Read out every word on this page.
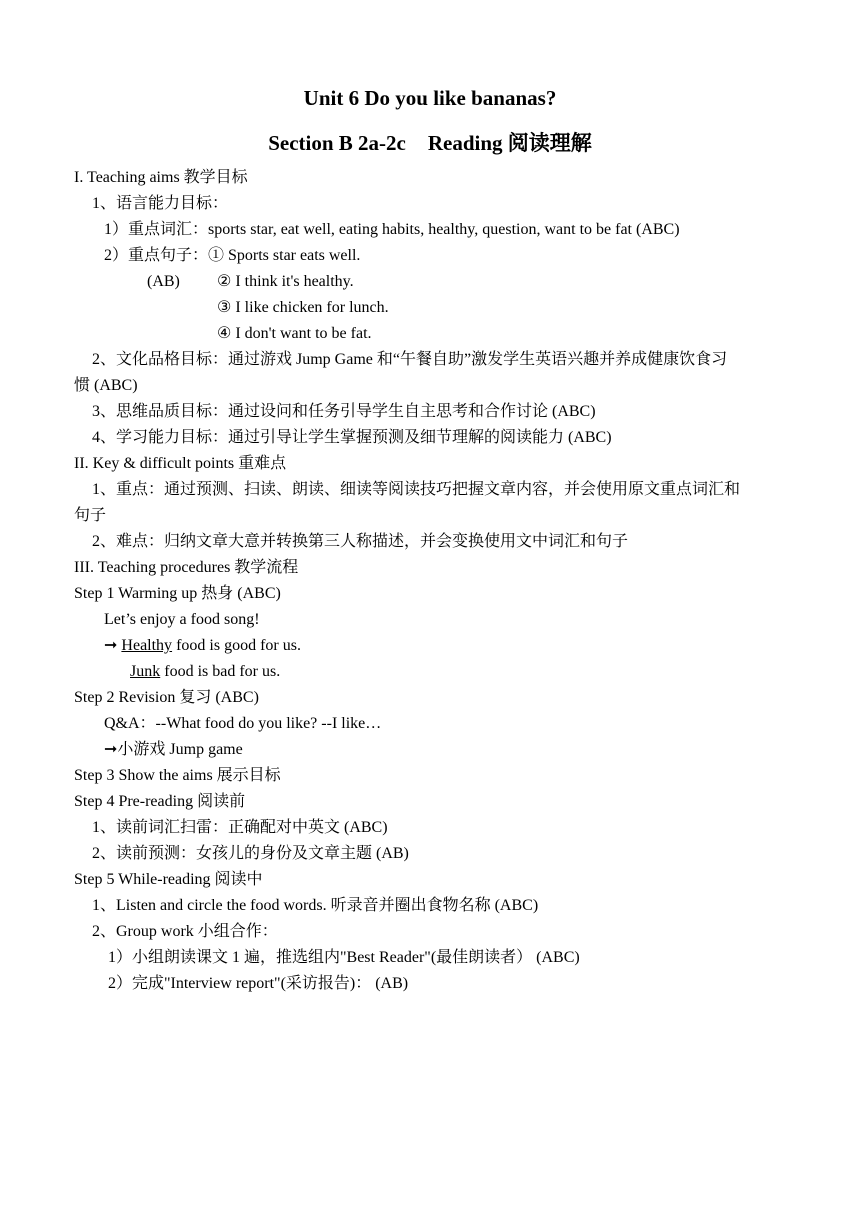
Unit 6 Do you like bananas?
Section B 2a-2c Reading 阅读理解
I. Teaching aims 教学目标
1、语言能力目标：
1）重点词汇：sports star, eat well, eating habits, healthy, question, want to be fat (ABC)
2）重点句子：① Sports star eats well.
(AB) ② I think it's healthy.
③ I like chicken for lunch.
④ I don't want to be fat.
2、文化品格目标：通过游戏 Jump Game 和“午餐自助”激发学生英语兴趣并养成健康饮食习
惯 (ABC)
3、思维品质目标：通过设问和任务引导学生自主思考和合作讨论 (ABC)
4、学习能力目标：通过引导让学生掌握预测及细节理解的阅读能力 (ABC)
II. Key & difficult points 重难点
1、重点：通过预测、扫读、朗读、细读等阅读技巧把握文章内容，并会使用原文重点词汇和
句子
2、难点：归纳文章大意并转换第三人称描述，并会变换使用文中词汇和句子
III. Teaching procedures 教学流程
Step 1 Warming up 热身 (ABC)
Let’s enjoy a food song!
➞ Healthy food is good for us.
Junk food is bad for us.
Step 2 Revision 复习 (ABC)
Q&A：--What food do you like? --I like…
➞小游戏 Jump game
Step 3 Show the aims 展示目标
Step 4 Pre-reading 阅读前
1、读前词汇扫雷：正确配对中英文 (ABC)
2、读前预测：女孩儿的身份及文章主题 (AB)
Step 5 While-reading 阅读中
1、Listen and circle the food words. 听录音并圈出食物名称 (ABC)
2、Group work 小组合作：
1）小组朗读课文 1 遍，推选组内"Best Reader"(最佳朗读者） (ABC)
2）完成"Interview report"(采访报告)： (AB)
